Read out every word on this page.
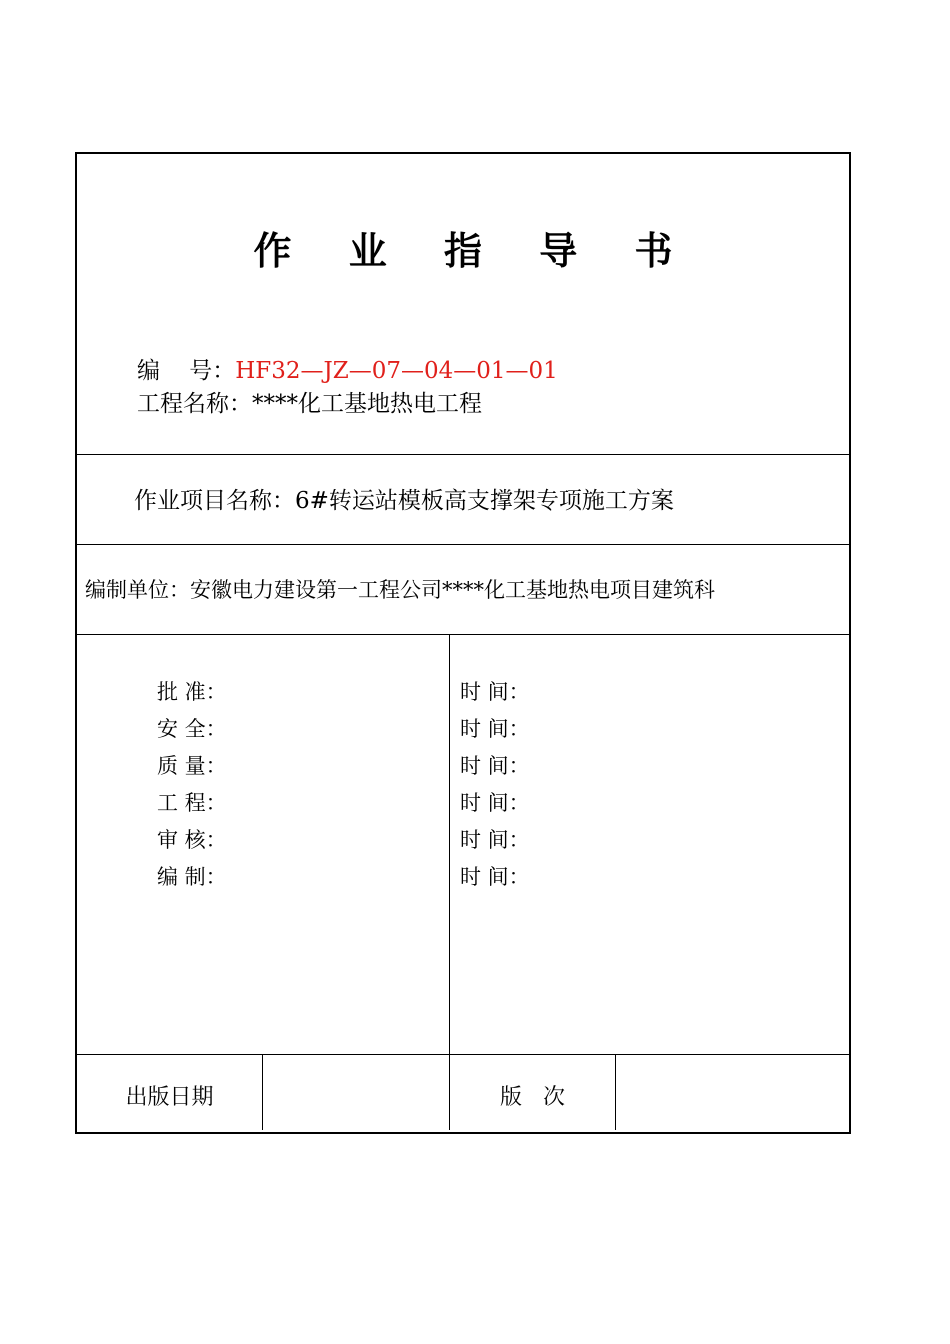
作 业 指 导 书
编    号：HF32—JZ—07—04—01—01
工程名称：****化工基地热电工程
作业项目名称：6#转运站模板高支撑架专项施工方案
编制单位：安徽电力建设第一工程公司****化工基地热电项目建筑科
批 准：	时 间：
安 全：	时 间：
质 量：	时 间：
工 程：	时 间：
审 核：	时 间：
编 制：	时 间：
出版日期	版   次
